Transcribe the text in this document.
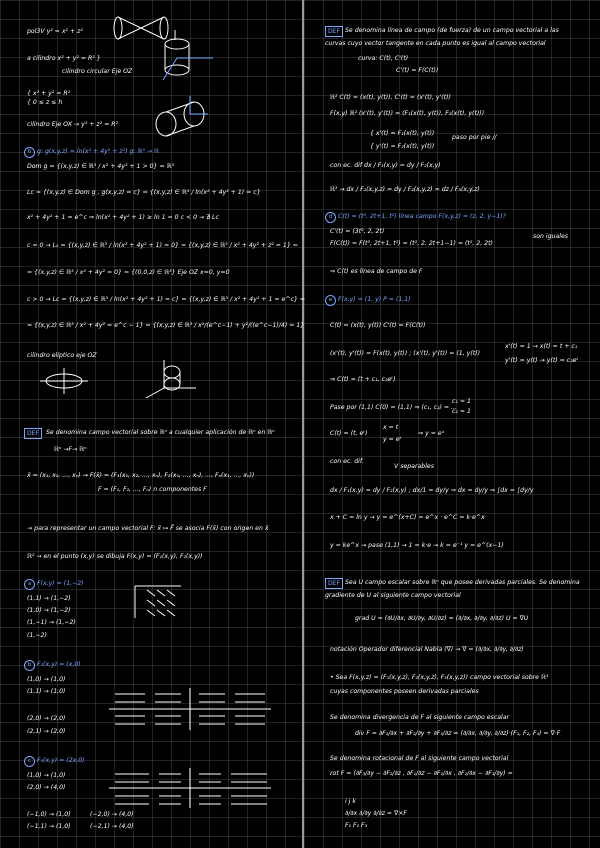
pol3V y² = x² + z²
a cilindro x² + y² = R² }
cilindro circular Eje OZ
{ x² + y² = R²
{ 0 ≤ z ≤ h
cilindro Eje OX → y² + z² = R²
6 g: g(x,y,z) = ln(x² + 4y² + z²) g: ℝ³ → ℝ
Dom g = {(x,y,z) ∈ ℝ³ / x² + 4y² + 1 > 0} = ℝ³
Lc = {(x,y,z) ∈ Dom g , g(x,y,z) = c} = {(x,y,z) ∈ ℝ³ / ln(x² + 4y² + 1) = c}
x² + 4y² + 1 = e^c ⇒ ln(x² + 4y² + 1) ≥ ln 1 = 0 c < 0 → ∄ Lc
c = 0 → L₀ = {(x,y,z) ∈ ℝ³ / ln(x² + 4y² + 1) = 0} = {(x,y,z) ∈ ℝ³ / x² + 4y² + z² = 1} =
= {(x,y,z) ∈ ℝ³ / x² + 4y² = 0} = {(0,0,z) ∈ ℝ³} Eje OZ x=0, y=0
c > 0 → Lc = {(x,y,z) ∈ ℝ³ / ln(x² + 4y² + 1) = c} = {(x,y,z) ∈ ℝ³ / x² + 4y² + 1 = e^c} =
= {(x,y,z) ∈ ℝ³ / x² + 4y² = e^c − 1} = {(x,y,z) ∈ ℝ³ / x²/(e^c−1) + y²/((e^c−1)/4) = 1}
cilindro elíptico eje OZ
DEF	Se denomina campo vectorial sobre ℝⁿ a cualquier aplicación de ℝⁿ en ℝⁿ
ℝⁿ →F→ ℝⁿ
x̄ = (x₁, x₂, ..., xₙ) → F(x̄) = (F₁(x₁, x₂, ..., xₙ), F₂(x₁, ..., xₙ), ..., Fₙ(x₁, ..., xₙ))
F = (F₁, F₂, ..., Fₙ) n componentes F
→ para representar un campo vectorial F: x̄ ↦ F̄ se asocia F(x̄) con origen en x̄
ℝ² → en el punto (x,y) se dibuja F(x,y) = (F₁(x,y), F₂(x,y))
a F(x,y) = (1,−2)
(1,1) → (1,−2)
(1,0) → (1,−2)
(1,−1) → (1,−2)
(1,−2)
b F₂(x,y) = (x,0)
(1,0) → (1,0)
(1,1) → (1,0)
(2,0) → (2,0)
(2,1) → (2,0)
c F₃(x,y) = (2x,0)
(1,0) → (1,0)
(2,0) → (4,0)
(−1,0) → (1,0)
(−1,1) → (1,0)
(−2,0) → (4,0)
(−2,1) → (4,0)
DEF Se denomina línea de campo (de fuerza) de un campo vectorial a las
curvas cuyo vector tangente en cada punto es igual al campo vectorial
curva: C(t), C'(t)
C'(t) = F(C(t))
ℝ² C(t) = (x(t), y(t)), C'(t) = (x'(t), y'(t))
F(x,y) ℝ² (x'(t), y'(t)) = (F₁(x(t), y(t)), F₂(x(t), y(t)))
{ x'(t) = F₁(x(t), y(t))
{ y'(t) = F₂(x(t), y(t))
paso por pie //
con ec. dif dx / F₁(x,y) = dy / F₂(x,y)
ℝ³ → dx / F₁(x,y,z) = dy / F₂(x,y,z) = dz / F₃(x,y,z)
d C(t) = (t³, 2t+1, t²) línea campo F(x,y,z) = (z, 2, y−1)?
C'(t) = (3t², 2, 2t)
F(C(t)) = F(t³, 2t+1, t²) = (t², 2, 2t+1−1) = (t², 2, 2t)
son iguales
⇒ C(t) es línea de campo de F
e F(x,y) = (1, y) P = (1,1)
C(t) = (x(t), y(t)) C'(t) = F(C(t))
(x'(t), y'(t)) = F(x(t), y(t)) ; (x'(t), y'(t)) = (1, y(t))
x'(t) = 1 → x(t) = t + c₁
y'(t) = y(t) → y(t) = c₂eᵗ
⇒ C(t) = (t + c₁, c₂eᵗ)
Pase por (1,1) C(0) = (1,1) ⇒ (c₁, c₂) = ...
c₁ = 1
c₂ = 1
C(t) = (t, eᵗ)
x = t
y = eᵗ
⇒ y = eˣ
con ec. dif.
V separables
dx / F₁(x,y) = dy / F₂(x,y) ; dx/1 = dy/y ⇒ dx = dy/y ⇒ ∫dx = ∫dy/y
x + C = ln y → y = e^(x+C) = e^x · e^C = k·e^x
y = ke^x → pase (1,1) → 1 = k·e → k = e⁻¹ y = e^(x−1)
DEF Sea U campo escalar sobre ℝⁿ que posee derivadas parciales. Se denomina
gradiente de U al siguiente campo vectorial
grad U = (∂U/∂x, ∂U/∂y, ∂U/∂z) = (∂/∂x, ∂/∂y, ∂/∂z) U = ∇U
notación Operador diferencial Nabla (∇) → ∇ = (∂/∂x, ∂/∂y, ∂/∂z)
• Sea F(x,y,z) = (F₁(x,y,z), F₂(x,y,z), F₃(x,y,z)) campo vectorial sobre ℝ³
cuyas componentes poseen derivadas parciales
Se denomina divergencia de F al siguiente campo escalar
div F = ∂F₁/∂x + ∂F₂/∂y + ∂F₃/∂z = (∂/∂x, ∂/∂y, ∂/∂z)·(F₁, F₂, F₃) = ∇·F
Se denomina rotacional de F al siguiente campo vectorial
rot F = (∂F₃/∂y − ∂F₂/∂z , ∂F₁/∂z − ∂F₃/∂x , ∂F₂/∂x − ∂F₁/∂y) =
i j k
∂/∂x ∂/∂y ∂/∂z = ∇×F
F₁ F₂ F₃
